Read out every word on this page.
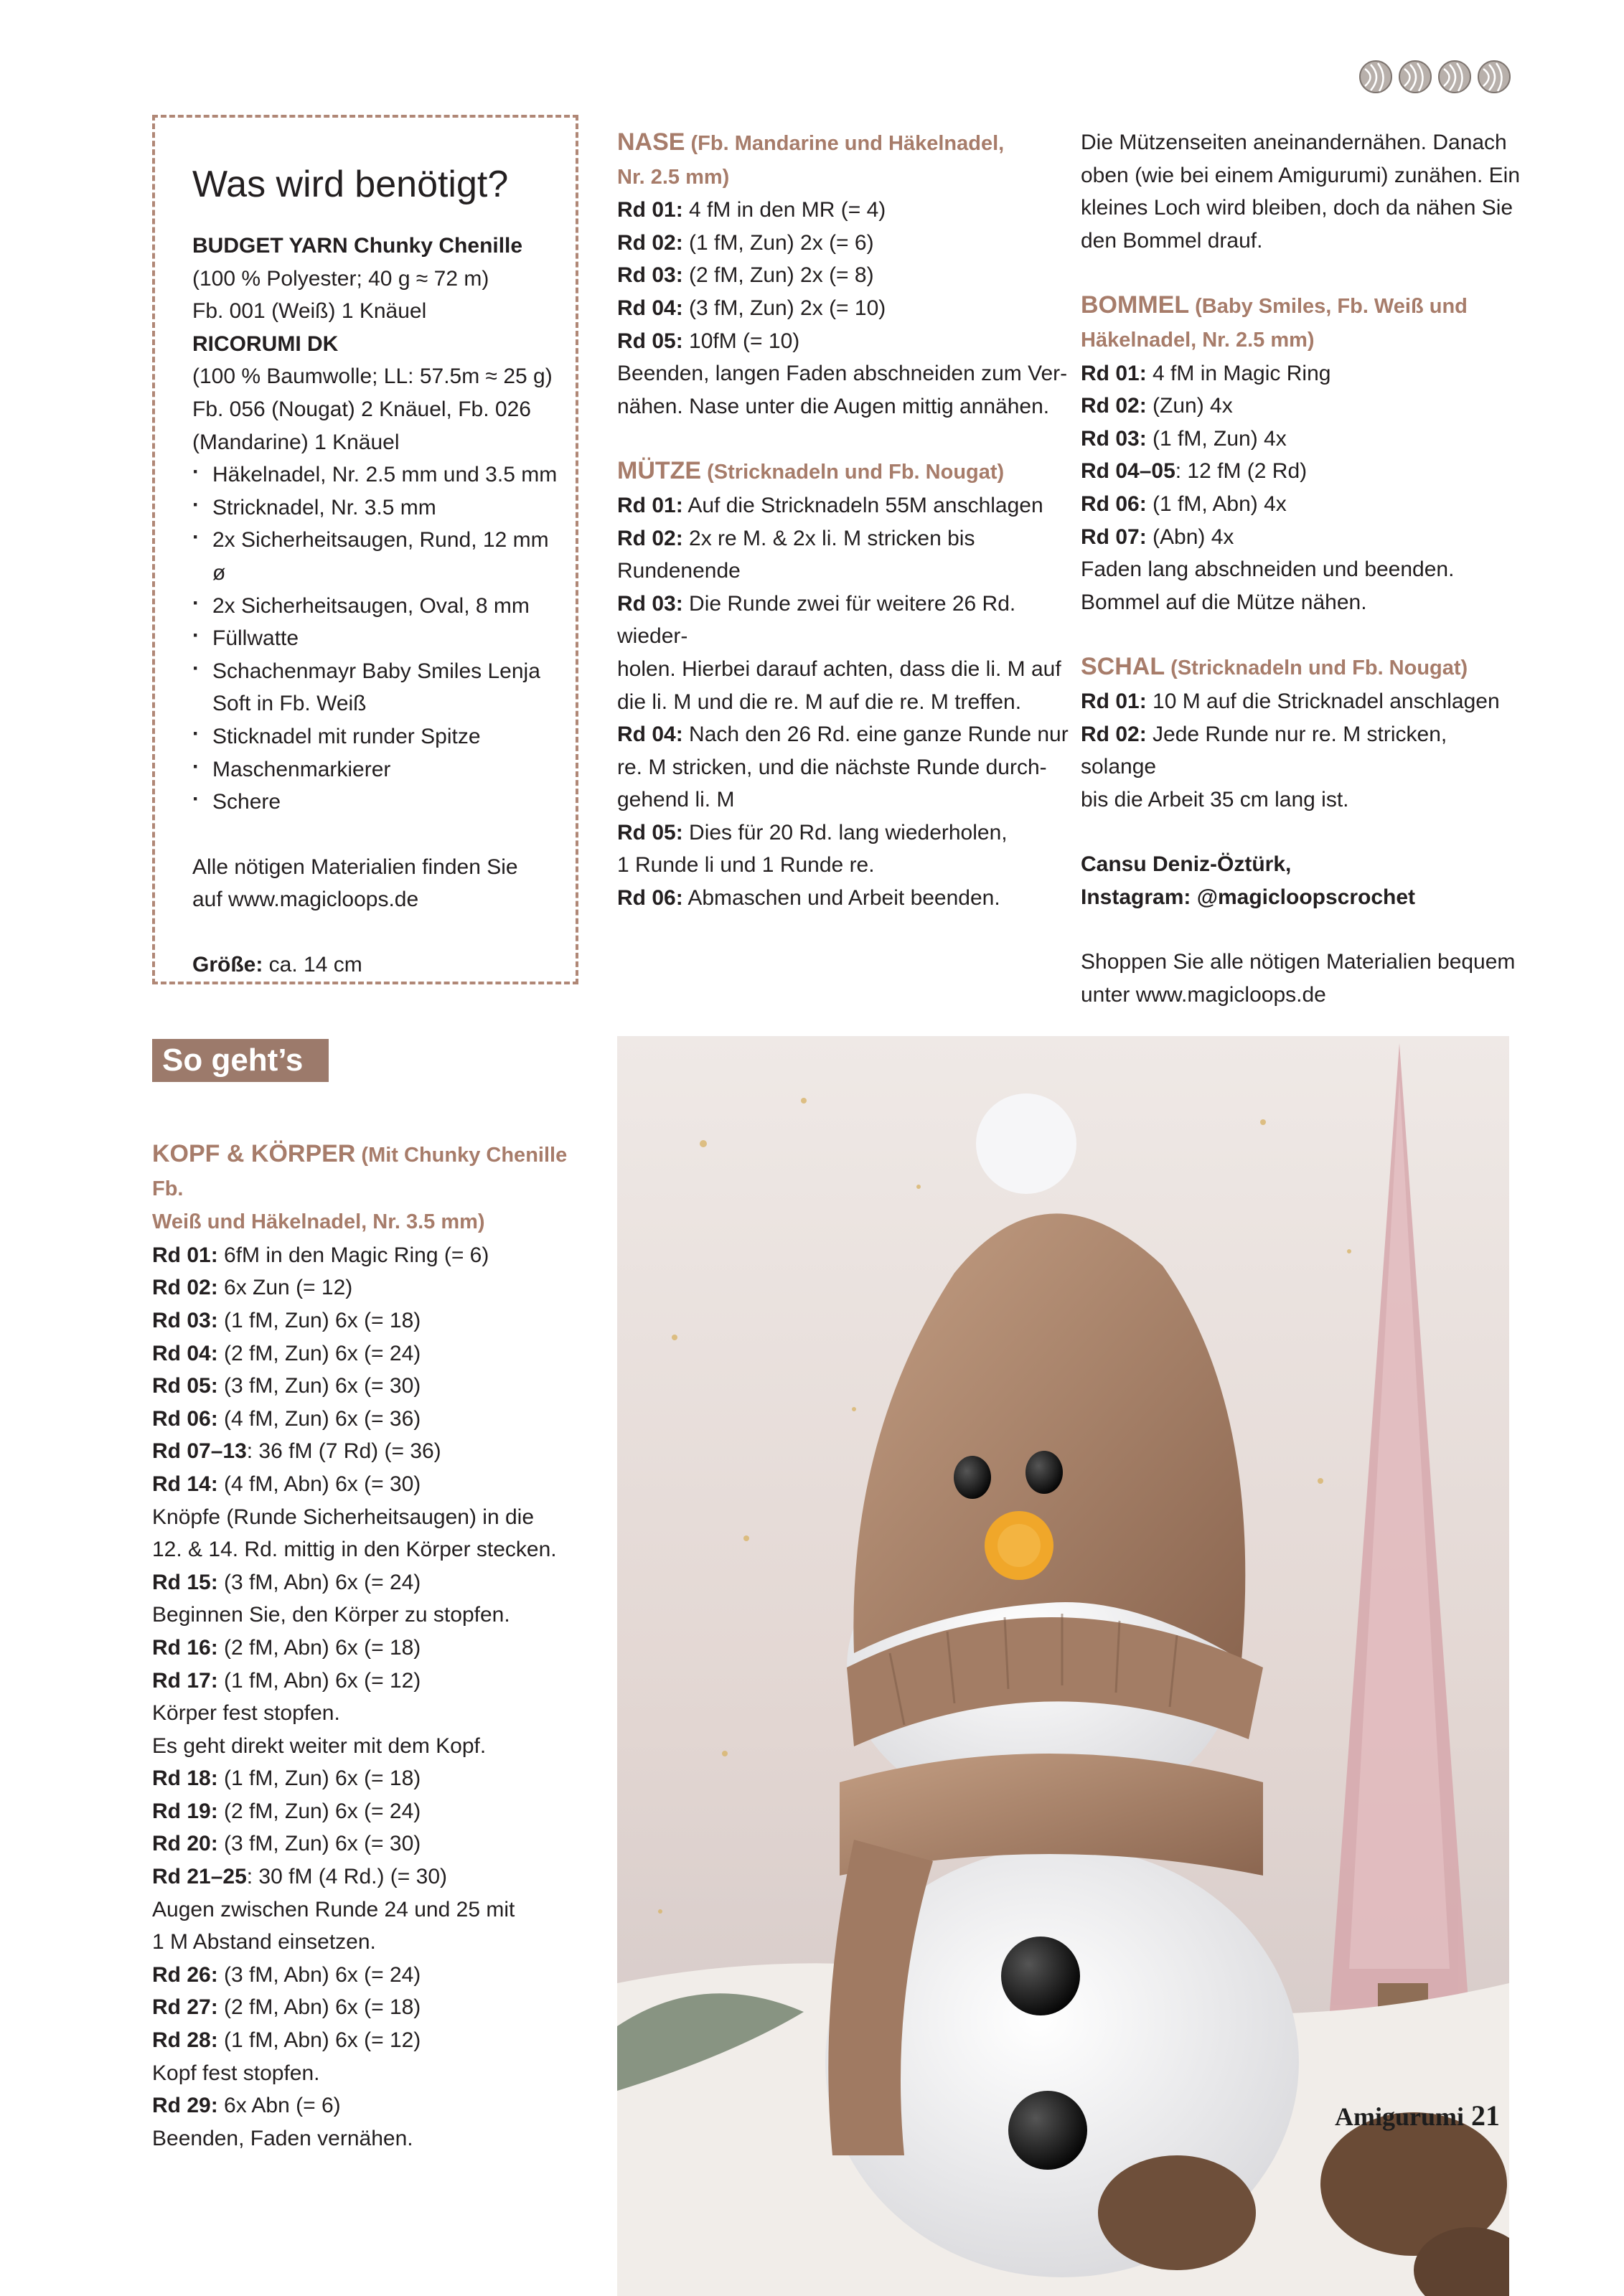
Was wird benötigt?

BUDGET YARN Chunky Chenille

(100 % Polyester; 40 g ≈ 72 m)

Fb. 001 (Weiß) 1 Knäuel

RICORUMI DK

(100 % Baumwolle; LL: 57.5m ≈ 25 g)

Fb. 056 (Nougat) 2 Knäuel, Fb. 026

(Mandarine) 1 Knäuel

· Häkelnadel, Nr. 2.5 mm und 3.5 mm

· Stricknadel, Nr. 3.5 mm

· 2x Sicherheitsaugen, Rund, 12 mm ø

· 2x Sicherheitsaugen, Oval, 8 mm

· Füllwatte

· Schachenmayr Baby Smiles Lenja

Soft in Fb. Weiß

· Sticknadel mit runder Spitze

· Maschenmarkierer

· Schere

Alle nötigen Materialien finden Sie

auf www.magicloops.de

Größe: ca. 14 cm

So geht’s

KOPF & KÖRPER (Mit Chunky Chenille Fb.

Weiß und Häkelnadel, Nr. 3.5 mm)

Rd 01: 6fM in den Magic Ring (= 6)

Rd 02: 6x Zun (= 12)

Rd 03: (1 fM, Zun) 6x (= 18)

Rd 04: (2 fM, Zun) 6x (= 24)

Rd 05: (3 fM, Zun) 6x (= 30)

Rd 06: (4 fM, Zun) 6x (= 36)

Rd 07–13: 36 fM (7 Rd) (= 36)

Rd 14: (4 fM, Abn) 6x (= 30)

Knöpfe (Runde Sicherheitsaugen) in die

12. & 14. Rd. mittig in den Körper stecken.

Rd 15: (3 fM, Abn) 6x (= 24)

Beginnen Sie, den Körper zu stopfen.

Rd 16: (2 fM, Abn) 6x (= 18)

Rd 17: (1 fM, Abn) 6x (= 12)

Körper fest stopfen.

Es geht direkt weiter mit dem Kopf.

Rd 18: (1 fM, Zun) 6x (= 18)

Rd 19: (2 fM, Zun) 6x (= 24)

Rd 20: (3 fM, Zun) 6x (= 30)

Rd 21–25: 30 fM (4 Rd.) (= 30)

Augen zwischen Runde 24 und 25 mit

1 M Abstand einsetzen.

Rd 26: (3 fM, Abn) 6x (= 24)

Rd 27: (2 fM, Abn) 6x (= 18)

Rd 28: (1 fM, Abn) 6x (= 12)

Kopf fest stopfen.

Rd 29: 6x Abn (= 6)

Beenden, Faden vernähen.

NASE (Fb. Mandarine und Häkelnadel,

Nr. 2.5 mm)

Rd 01: 4 fM in den MR (= 4)

Rd 02: (1 fM, Zun) 2x (= 6)

Rd 03: (2 fM, Zun) 2x (= 8)

Rd 04: (3 fM, Zun) 2x (= 10)

Rd 05: 10fM (= 10)

Beenden, langen Faden abschneiden zum Ver-

nähen. Nase unter die Augen mittig annähen.

MÜTZE (Stricknadeln und Fb. Nougat)

Rd 01: Auf die Stricknadeln 55M anschlagen

Rd 02: 2x re M. & 2x li. M stricken bis

Rundenende

Rd 03: Die Runde zwei für weitere 26 Rd. wieder-

holen. Hierbei darauf achten, dass die li. M auf

die li. M und die re. M auf die re. M treffen.

Rd 04: Nach den 26 Rd. eine ganze Runde nur

re. M stricken, und die nächste Runde durch-

gehend li. M

Rd 05: Dies für 20 Rd. lang wiederholen,

1 Runde li und 1 Runde re.

Rd 06: Abmaschen und Arbeit beenden.

Die Mützenseiten aneinandernähen. Danach

oben (wie bei einem Amigurumi) zunähen. Ein

kleines Loch wird bleiben, doch da nähen Sie

den Bommel drauf.

BOMMEL (Baby Smiles, Fb. Weiß und

Häkelnadel, Nr. 2.5 mm)

Rd 01: 4 fM in Magic Ring

Rd 02: (Zun) 4x

Rd 03: (1 fM, Zun) 4x

Rd 04–05: 12 fM (2 Rd)

Rd 06: (1 fM, Abn) 4x

Rd 07: (Abn) 4x

Faden lang abschneiden und beenden.

Bommel auf die Mütze nähen.

SCHAL (Stricknadeln und Fb. Nougat)

Rd 01: 10 M auf die Stricknadel anschlagen

Rd 02: Jede Runde nur re. M stricken, solange

bis die Arbeit 35 cm lang ist.

Cansu Deniz-Öztürk,

Instagram: @magicloopscrochet

Shoppen Sie alle nötigen Materialien bequem

unter www.magicloops.de

Amigurumi 21
